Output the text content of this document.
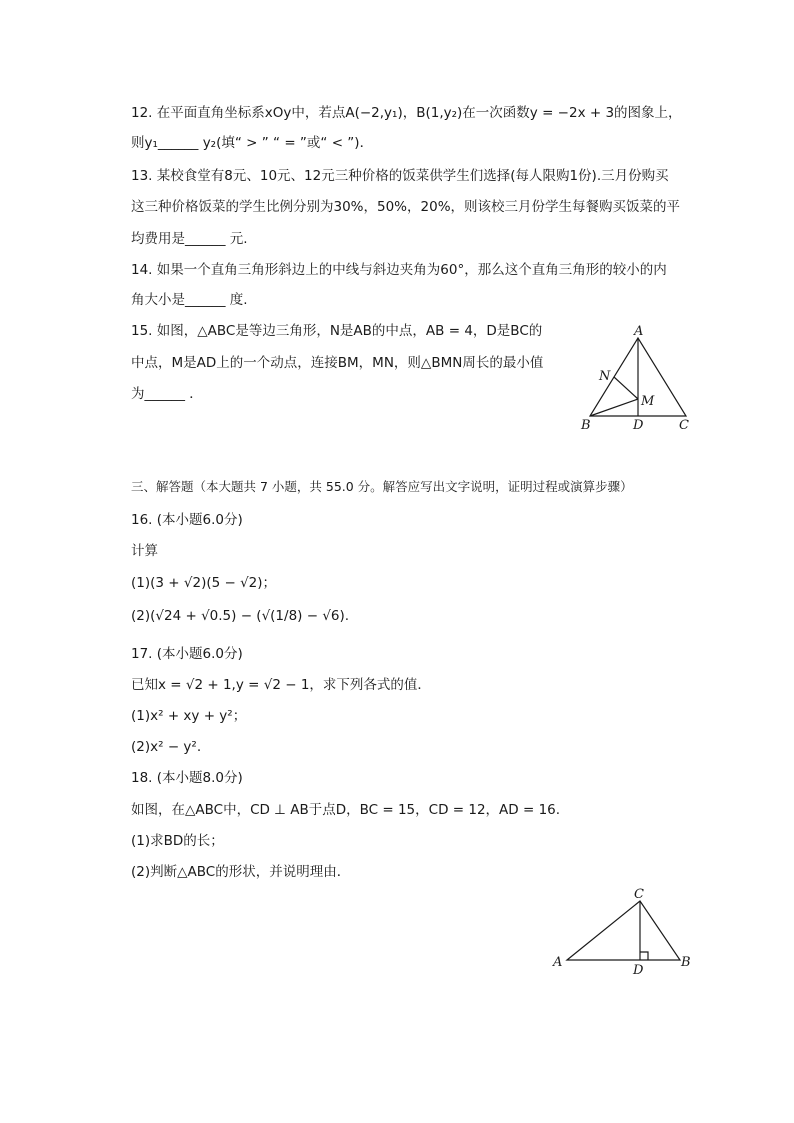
12. 在平面直角坐标系xOy中，若点A(−2,y₁)，B(1,y₂)在一次函数y = −2x + 3的图象上，
则y₁______ y₂(填“ > ” “ = ”或“ < ”)．
13. 某校食堂有8元、10元、12元三种价格的饭菜供学生们选择(每人限购1份).三月份购买
这三种价格饭菜的学生比例分别为30%，50%，20%，则该校三月份学生每餐购买饭菜的平
均费用是______ 元.
14. 如果一个直角三角形斜边上的中线与斜边夹角为60°，那么这个直角三角形的较小的内
角大小是______ 度.
15. 如图，△ABC是等边三角形，N是AB的中点，AB = 4，D是BC的
中点，M是AD上的一个动点，连接BM，MN，则△BMN周长的最小值
为______ ．
A
B	C
D
M
N
三、解答题（本大题共 7 小题，共 55.0 分。解答应写出文字说明，证明过程或演算步骤）
16. (本小题6.0分)
计算
(1)(3 + √2)(5 − √2)；
(2)(√24 + √0.5) − (√(1/8) − √6).
17. (本小题6.0分)
已知x = √2 + 1,y = √2 − 1，求下列各式的值．
(1)x² + xy + y²；
(2)x² − y².
18. (本小题8.0分)
如图，在△ABC中，CD ⊥ AB于点D，BC = 15，CD = 12，AD = 16.
(1)求BD的长；
(2)判断△ABC的形状，并说明理由．
A	B
C
D
